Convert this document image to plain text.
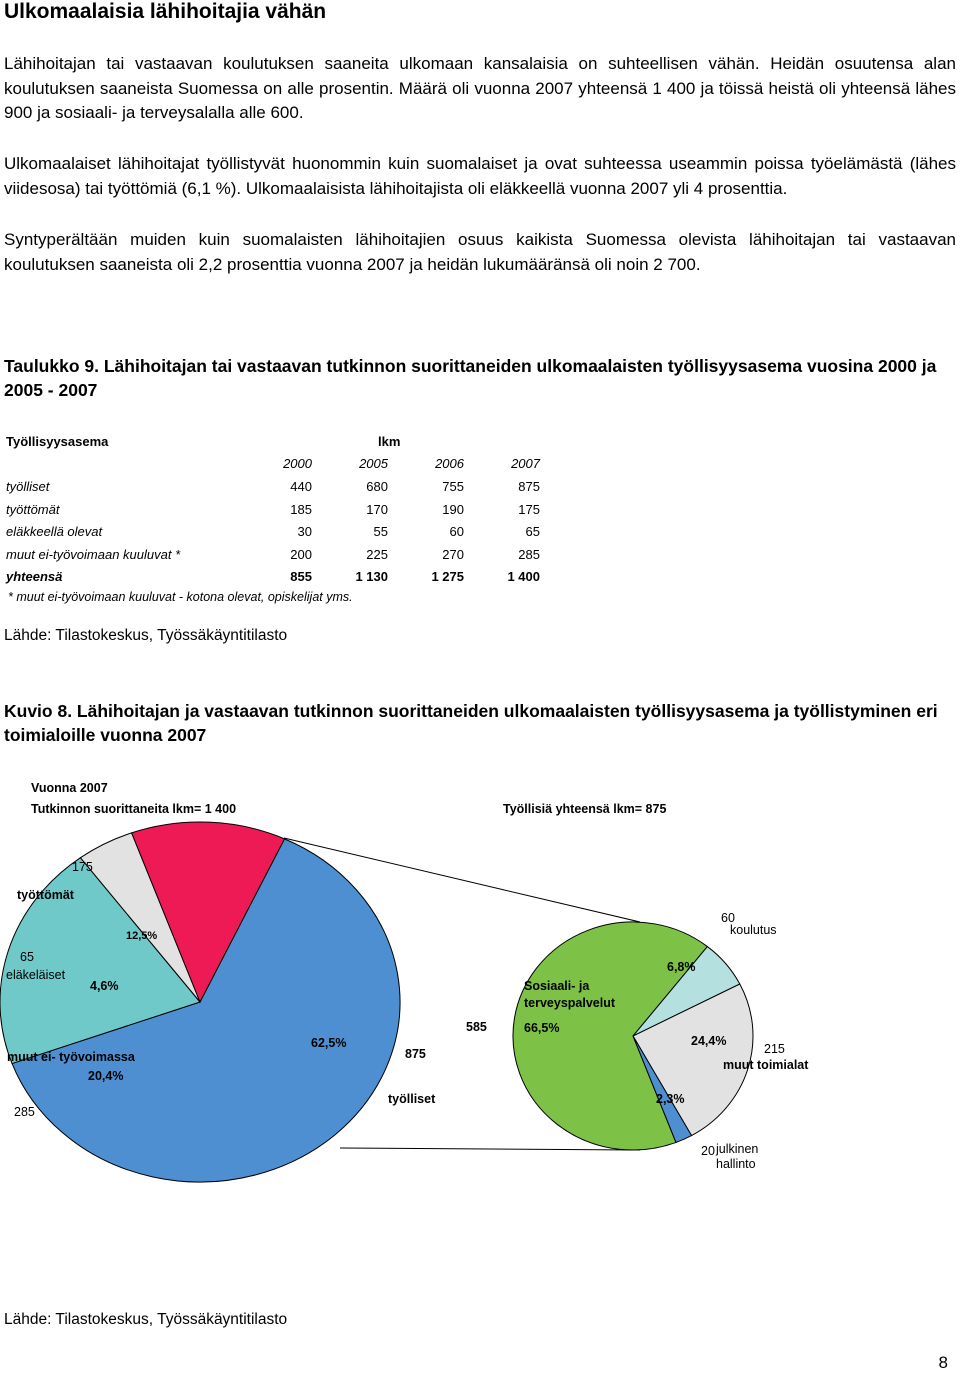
Ulkomaalaisia lähihoitajia vähän
Lähihoitajan tai vastaavan koulutuksen saaneita ulkomaan kansalaisia on suhteellisen vähän. Heidän osuutensa alan koulutuksen saaneista Suomessa on alle prosentin. Määrä oli vuonna 2007 yhteensä 1 400 ja töissä heistä oli yhteensä lähes 900 ja sosiaali- ja terveysalalla alle 600.
Ulkomaalaiset lähihoitajat työllistyvät huonommin kuin suomalaiset ja ovat suhteessa useammin poissa työelämästä (lähes viidesosa) tai työttömiä (6,1 %). Ulkomaalaisista lähihoitajista oli eläkkeellä vuonna 2007 yli 4 prosenttia.
Syntyperältään muiden kuin suomalaisten lähihoitajien osuus kaikista Suomessa olevista lähihoitajan tai vastaavan koulutuksen saaneista oli 2,2 prosenttia vuonna 2007 ja heidän lukumääränsä oli noin 2 700.
Taulukko 9. Lähihoitajan tai vastaavan tutkinnon suorittaneiden ulkomaalaisten työllisyysasema vuosina 2000 ja 2005 - 2007
Työllisyysasema	lkm			
	2000	2005	2006	2007
työlliset	440	680	755	875
työttömät	185	170	190	175
eläkkeellä olevat	30	55	60	65
muut ei-työvoimaan kuuluvat *	200	225	270	285
yhteensä	855	1 130	1 275	1 400
* muut ei-työvoimaan kuuluvat - kotona olevat, opiskelijat yms.
Lähde: Tilastokeskus, Työssäkäyntitilasto
Kuvio 8. Lähihoitajan ja vastaavan tutkinnon suorittaneiden ulkomaalaisten työllisyysasema ja työllistyminen eri toimialoille vuonna 2007
Vuonna 2007
Tutkinnon suorittaneita lkm= 1 400	Työllisiä yhteensä lkm= 875
175
työttömät
12,5%
65
eläkeläiset
4,6%
muut ei- työvoimassa
20,4%
285
62,5%
875
työlliset
585
Sosiaali- ja terveyspalvelut
66,5%
60
koulutus
6,8%
24,4%
215
muut toimialat
2,3%
20 julkinen hallinto
Lähde: Tilastokeskus, Työssäkäyntitilasto
8
